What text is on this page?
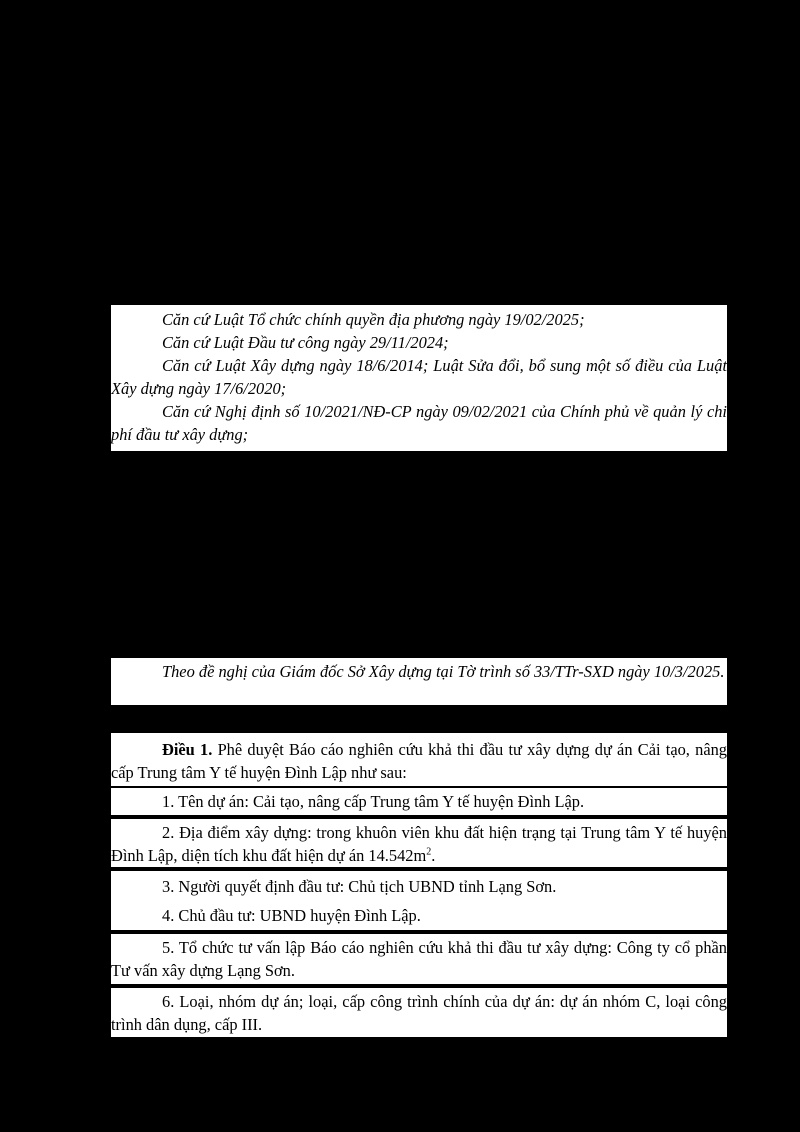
Căn cứ Luật Tổ chức chính quyền địa phương ngày 19/02/2025;

Căn cứ Luật Đầu tư công ngày 29/11/2024;

Căn cứ Luật Xây dựng ngày 18/6/2014; Luật Sửa đổi, bổ sung một số điều của Luật Xây dựng ngày 17/6/2020;

Căn cứ Nghị định số 10/2021/NĐ-CP ngày 09/02/2021 của Chính phủ về quản lý chi phí đầu tư xây dựng;

Theo đề nghị của Giám đốc Sở Xây dựng tại Tờ trình số 33/TTr-SXD ngày 10/3/2025.

Điều 1. Phê duyệt Báo cáo nghiên cứu khả thi đầu tư xây dựng dự án Cải tạo, nâng cấp Trung tâm Y tế huyện Đình Lập như sau:

1. Tên dự án: Cải tạo, nâng cấp Trung tâm Y tế huyện Đình Lập.

2. Địa điểm xây dựng: trong khuôn viên khu đất hiện trạng tại Trung tâm Y tế huyện Đình Lập, diện tích khu đất hiện dự án $14.542m^2$.

3. Người quyết định đầu tư: Chủ tịch UBND tỉnh Lạng Sơn.

4. Chủ đầu tư: UBND huyện Đình Lập.

5. Tổ chức tư vấn lập Báo cáo nghiên cứu khả thi đầu tư xây dựng: Công ty cổ phần Tư vấn xây dựng Lạng Sơn.

6. Loại, nhóm dự án; loại, cấp công trình chính của dự án: dự án nhóm C, loại công trình dân dụng, cấp III.
